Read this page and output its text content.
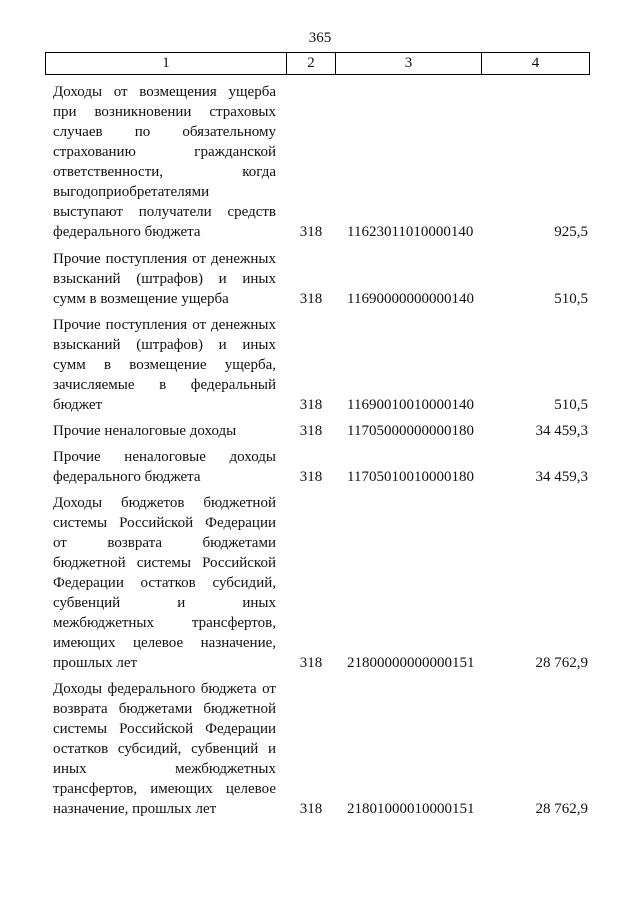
365
1	2	3	4
Доходы от возмещения ущерба
при возникновении страховых
случаев по обязательному
страхованию гражданской
ответственности, когда
выгодоприобретателями
выступают получатели средств
федерального бюджета	318 11623011010000140	925,5
Прочие поступления от денежных
взысканий (штрафов) и иных
сумм в возмещение ущерба	318 11690000000000140	510,5
Прочие поступления от денежных
взысканий (штрафов) и иных
сумм в возмещение ущерба,
зачисляемые в федеральный
бюджет	318 11690010010000140	510,5
Прочие неналоговые доходы	318 11705000000000180	34 459,3
Прочие неналоговые доходы
федерального бюджета	318 11705010010000180	34 459,3
Доходы бюджетов бюджетной
системы Российской Федерации
от возврата бюджетами
бюджетной системы Российской
Федерации остатков субсидий,
субвенций и иных
межбюджетных трансфертов,
имеющих целевое назначение,
прошлых лет	318 21800000000000151	28 762,9
Доходы федерального бюджета от
возврата бюджетами бюджетной
системы Российской Федерации
остатков субсидий, субвенций и
иных межбюджетных
трансфертов, имеющих целевое
назначение, прошлых лет	318 21801000010000151	28 762,9
